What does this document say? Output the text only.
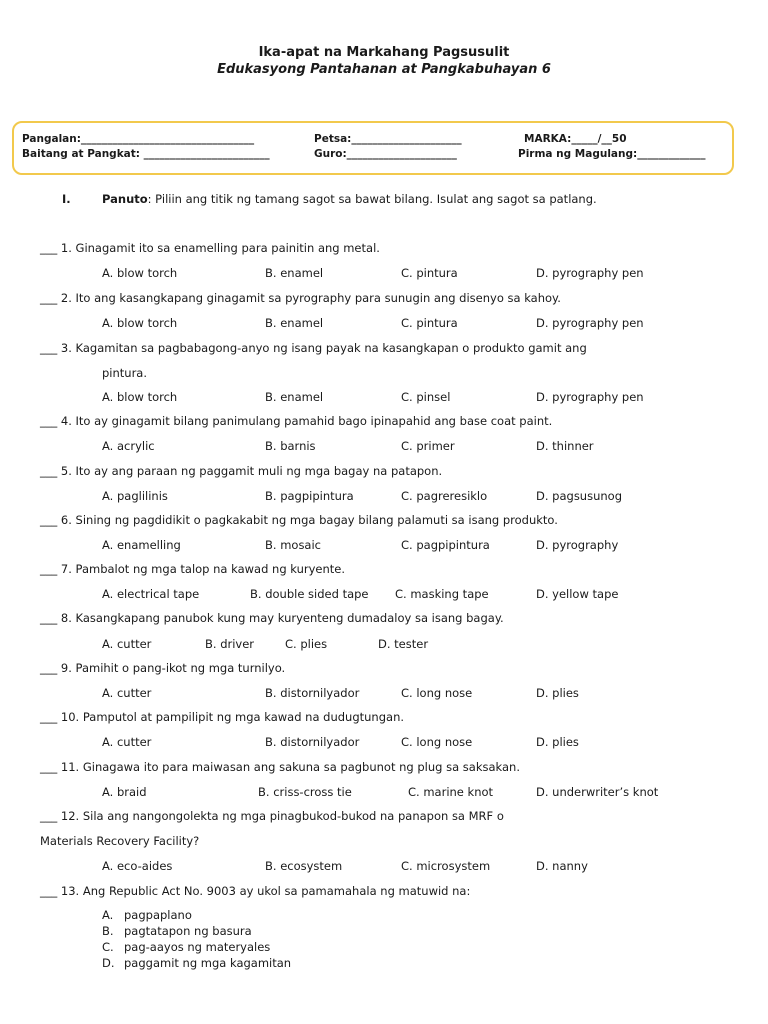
Ika-apat na Markahang Pagsusulit
Edukasyong Pantahanan at Pangkabuhayan 6
Pangalan:_________________________________	Petsa:_____________________	MARKA:_____/__50
Baitang at Pangkat: ________________________	Guro:_____________________	Pirma ng Magulang:_____________
I.	Panuto: Piliin ang titik ng tamang sagot sa bawat bilang. Isulat ang sagot sa patlang.
___ 1. Ginagamit ito sa enamelling para painitin ang metal.
A. blow torch	B. enamel	C. pintura	D. pyrography pen
___ 2. Ito ang kasangkapang ginagamit sa pyrography para sunugin ang disenyo sa kahoy.
A. blow torch	B. enamel	C. pintura	D. pyrography pen
___ 3. Kagamitan sa pagbabagong-anyo ng isang payak na kasangkapan o produkto gamit ang
pintura.
A. blow torch	B. enamel	C. pinsel	D. pyrography pen
___ 4. Ito ay ginagamit bilang panimulang pamahid bago ipinapahid ang base coat paint.
A. acrylic	B. barnis	C. primer	D. thinner
___ 5. Ito ay ang paraan ng paggamit muli ng mga bagay na patapon.
A. paglilinis	B. pagpipintura	C. pagreresiklo	D. pagsusunog
___ 6. Sining ng pagdidikit o pagkakabit ng mga bagay bilang palamuti sa isang produkto.
A. enamelling	B. mosaic	C. pagpipintura	D. pyrography
___ 7. Pambalot ng mga talop na kawad ng kuryente.
A. electrical tape	B. double sided tape C. masking tape	D. yellow tape
___ 8. Kasangkapang panubok kung may kuryenteng dumadaloy sa isang bagay.
A. cutter	B. driver	C. plies	D. tester
___ 9. Pamihit o pang-ikot ng mga turnilyo.
A. cutter	B. distornilyador	C. long nose	D. plies
___ 10. Pamputol at pampilipit ng mga kawad na dudugtungan.
A. cutter	B. distornilyador	C. long nose	D. plies
___ 11. Ginagawa ito para maiwasan ang sakuna sa pagbunot ng plug sa saksakan.
A. braid	B. criss-cross tie	C. marine knot	D. underwriter’s knot
___ 12. Sila ang nangongolekta ng mga pinagbukod-bukod na panapon sa MRF o
Materials Recovery Facility?
A. eco-aides	B. ecosystem	C. microsystem	D. nanny
___ 13. Ang Republic Act No. 9003 ay ukol sa pamamahala ng matuwid na:
A. pagpaplano
B. pagtatapon ng basura
C. pag-aayos ng materyales
D. paggamit ng mga kagamitan
